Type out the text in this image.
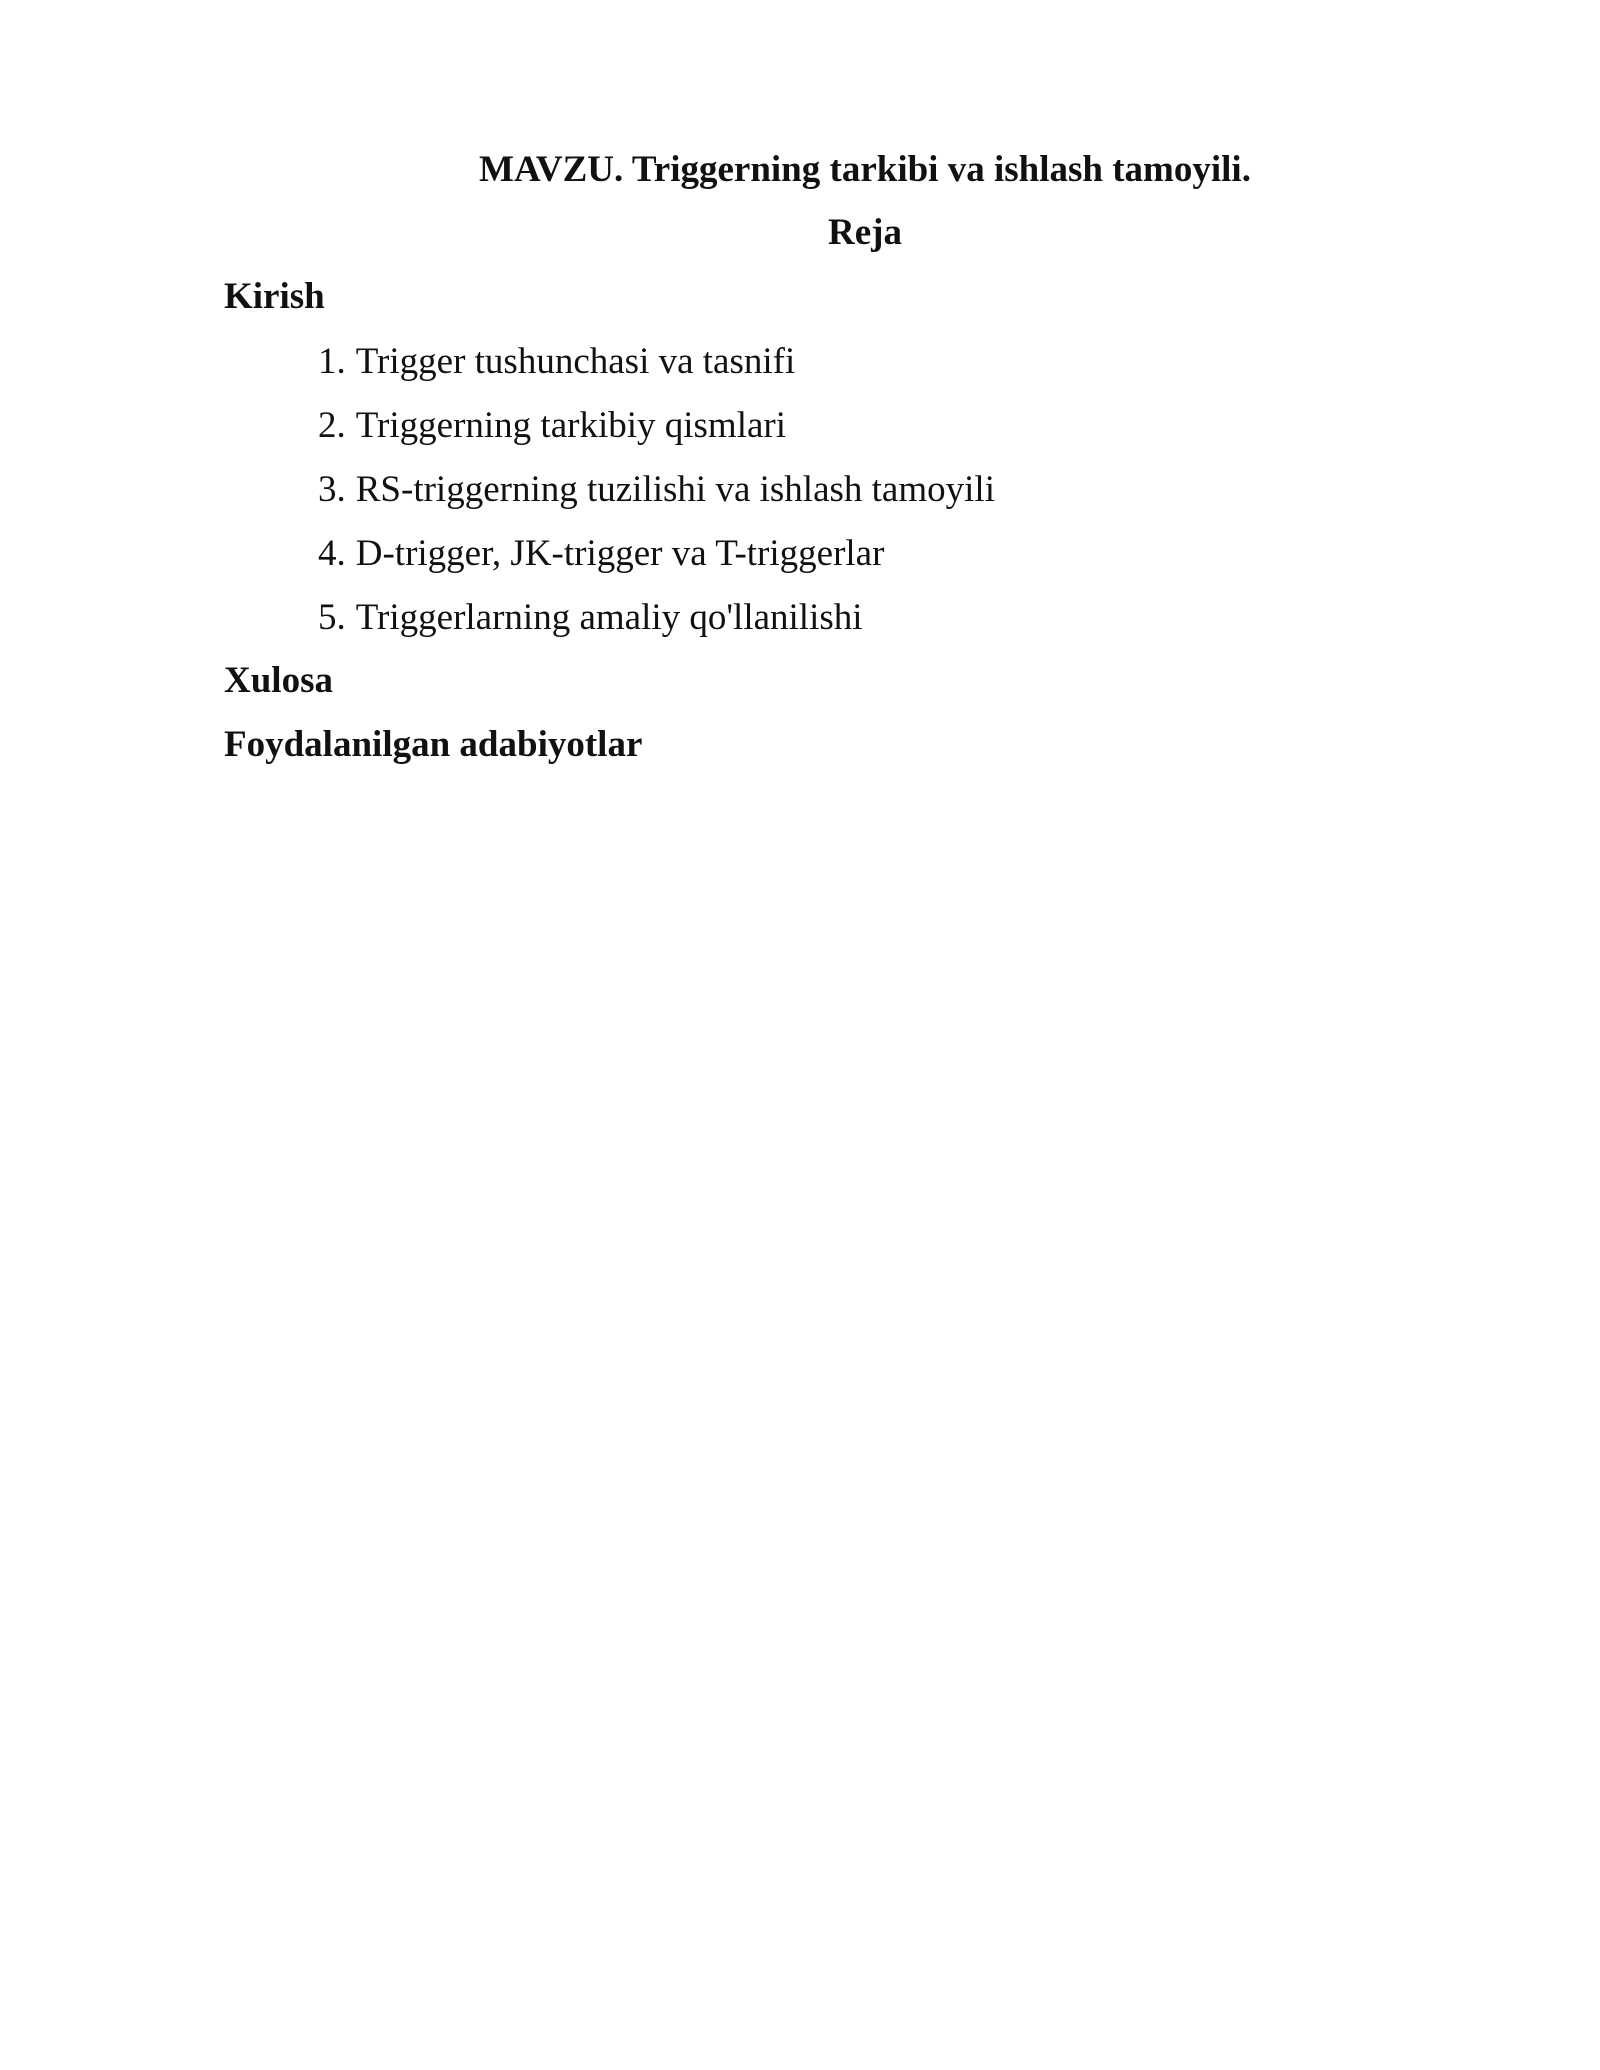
MAVZU. Triggerning tarkibi va ishlash tamoyili.
Reja
Kirish
1. Trigger tushunchasi va tasnifi
2. Triggerning tarkibiy qismlari
3. RS-triggerning tuzilishi va ishlash tamoyili
4. D-trigger, JK-trigger va T-triggerlar
5. Triggerlarning amaliy qo'llanilishi
Xulosa
Foydalanilgan adabiyotlar
